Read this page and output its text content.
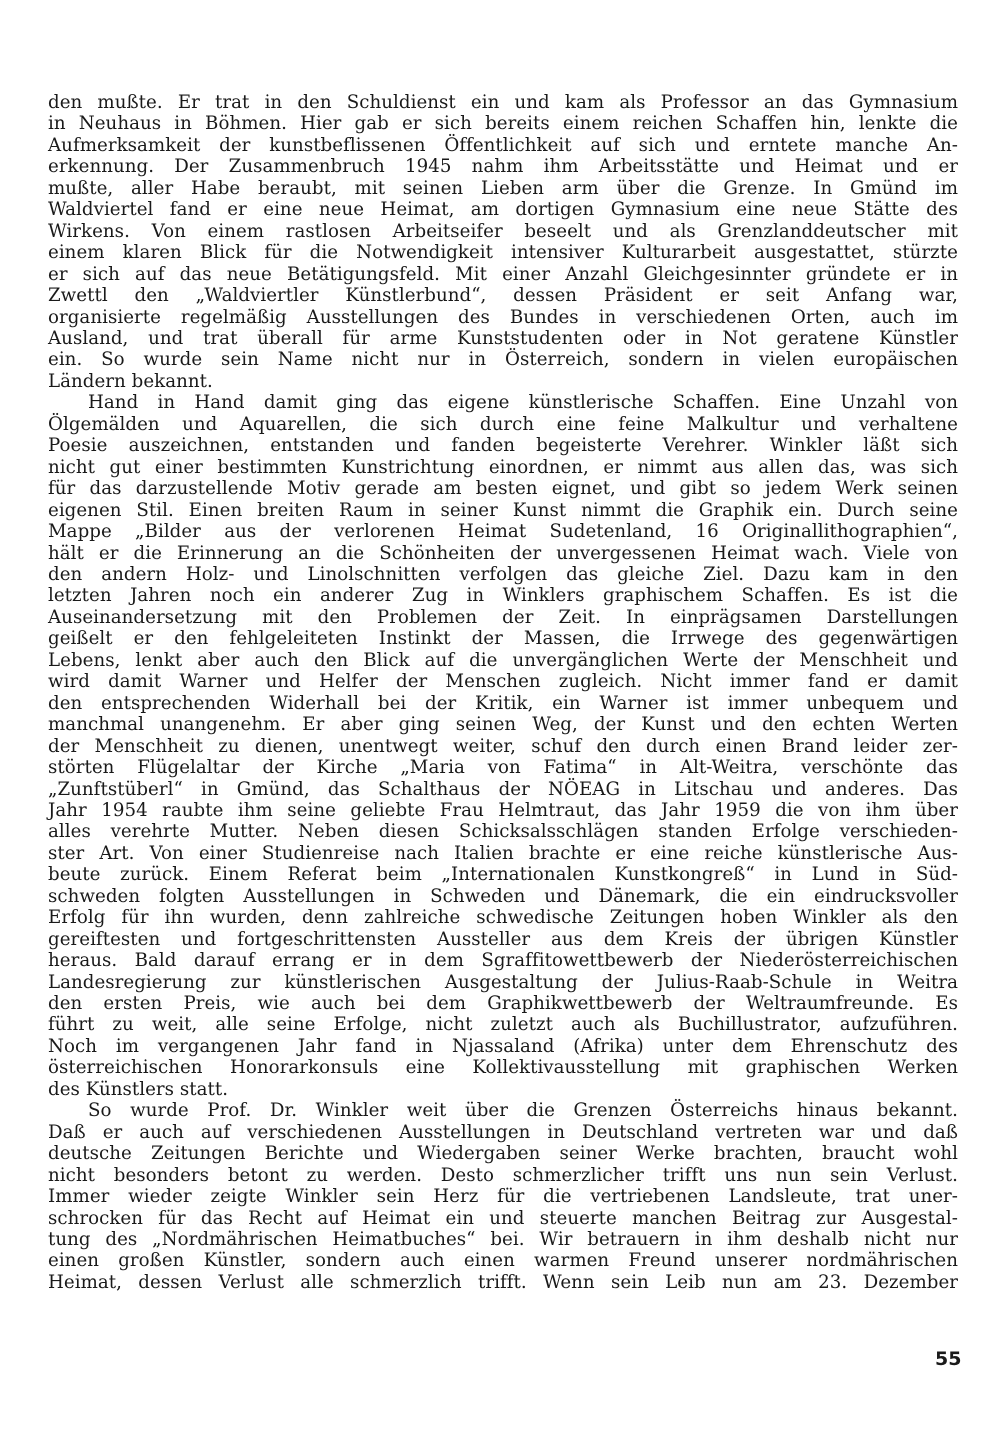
den mußte. Er trat in den Schuldienst ein und kam als Professor an das Gymnasium
in Neuhaus in Böhmen. Hier gab er sich bereits einem reichen Schaffen hin, lenkte die
Aufmerksamkeit der kunstbeflissenen Öffentlichkeit auf sich und erntete manche An-
erkennung. Der Zusammenbruch 1945 nahm ihm Arbeitsstätte und Heimat und er
mußte, aller Habe beraubt, mit seinen Lieben arm über die Grenze. In Gmünd im
Waldviertel fand er eine neue Heimat, am dortigen Gymnasium eine neue Stätte des
Wirkens. Von einem rastlosen Arbeitseifer beseelt und als Grenzlanddeutscher mit
einem klaren Blick für die Notwendigkeit intensiver Kulturarbeit ausgestattet, stürzte
er sich auf das neue Betätigungsfeld. Mit einer Anzahl Gleichgesinnter gründete er in
Zwettl den „Waldviertler Künstlerbund“, dessen Präsident er seit Anfang war,
organisierte regelmäßig Ausstellungen des Bundes in verschiedenen Orten, auch im
Ausland, und trat überall für arme Kunststudenten oder in Not geratene Künstler
ein. So wurde sein Name nicht nur in Österreich, sondern in vielen europäischen
Ländern bekannt.
Hand in Hand damit ging das eigene künstlerische Schaffen. Eine Unzahl von
Ölgemälden und Aquarellen, die sich durch eine feine Malkultur und verhaltene
Poesie auszeichnen, entstanden und fanden begeisterte Verehrer. Winkler läßt sich
nicht gut einer bestimmten Kunstrichtung einordnen, er nimmt aus allen das, was sich
für das darzustellende Motiv gerade am besten eignet, und gibt so jedem Werk seinen
eigenen Stil. Einen breiten Raum in seiner Kunst nimmt die Graphik ein. Durch seine
Mappe „Bilder aus der verlorenen Heimat Sudetenland, 16 Originallithographien“,
hält er die Erinnerung an die Schönheiten der unvergessenen Heimat wach. Viele von
den andern Holz- und Linolschnitten verfolgen das gleiche Ziel. Dazu kam in den
letzten Jahren noch ein anderer Zug in Winklers graphischem Schaffen. Es ist die
Auseinandersetzung mit den Problemen der Zeit. In einprägsamen Darstellungen
geißelt er den fehlgeleiteten Instinkt der Massen, die Irrwege des gegenwärtigen
Lebens, lenkt aber auch den Blick auf die unvergänglichen Werte der Menschheit und
wird damit Warner und Helfer der Menschen zugleich. Nicht immer fand er damit
den entsprechenden Widerhall bei der Kritik, ein Warner ist immer unbequem und
manchmal unangenehm. Er aber ging seinen Weg, der Kunst und den echten Werten
der Menschheit zu dienen, unentwegt weiter, schuf den durch einen Brand leider zer-
störten Flügelaltar der Kirche „Maria von Fatima“ in Alt-Weitra, verschönte das
„Zunftstüberl“ in Gmünd, das Schalthaus der NÖEAG in Litschau und anderes. Das
Jahr 1954 raubte ihm seine geliebte Frau Helmtraut, das Jahr 1959 die von ihm über
alles verehrte Mutter. Neben diesen Schicksalsschlägen standen Erfolge verschieden-
ster Art. Von einer Studienreise nach Italien brachte er eine reiche künstlerische Aus-
beute zurück. Einem Referat beim „Internationalen Kunstkongreß“ in Lund in Süd-
schweden folgten Ausstellungen in Schweden und Dänemark, die ein eindrucksvoller
Erfolg für ihn wurden, denn zahlreiche schwedische Zeitungen hoben Winkler als den
gereiftesten und fortgeschrittensten Aussteller aus dem Kreis der übrigen Künstler
heraus. Bald darauf errang er in dem Sgraffitowettbewerb der Niederösterreichischen
Landesregierung zur künstlerischen Ausgestaltung der Julius-Raab-Schule in Weitra
den ersten Preis, wie auch bei dem Graphikwettbewerb der Weltraumfreunde. Es
führt zu weit, alle seine Erfolge, nicht zuletzt auch als Buchillustrator, aufzuführen.
Noch im vergangenen Jahr fand in Njassaland (Afrika) unter dem Ehrenschutz des
österreichischen Honorarkonsuls eine Kollektivausstellung mit graphischen Werken
des Künstlers statt.
So wurde Prof. Dr. Winkler weit über die Grenzen Österreichs hinaus bekannt.
Daß er auch auf verschiedenen Ausstellungen in Deutschland vertreten war und daß
deutsche Zeitungen Berichte und Wiedergaben seiner Werke brachten, braucht wohl
nicht besonders betont zu werden. Desto schmerzlicher trifft uns nun sein Verlust.
Immer wieder zeigte Winkler sein Herz für die vertriebenen Landsleute, trat uner-
schrocken für das Recht auf Heimat ein und steuerte manchen Beitrag zur Ausgestal-
tung des „Nordmährischen Heimatbuches“ bei. Wir betrauern in ihm deshalb nicht nur
einen großen Künstler, sondern auch einen warmen Freund unserer nordmährischen
Heimat, dessen Verlust alle schmerzlich trifft. Wenn sein Leib nun am 23. Dezember
55
